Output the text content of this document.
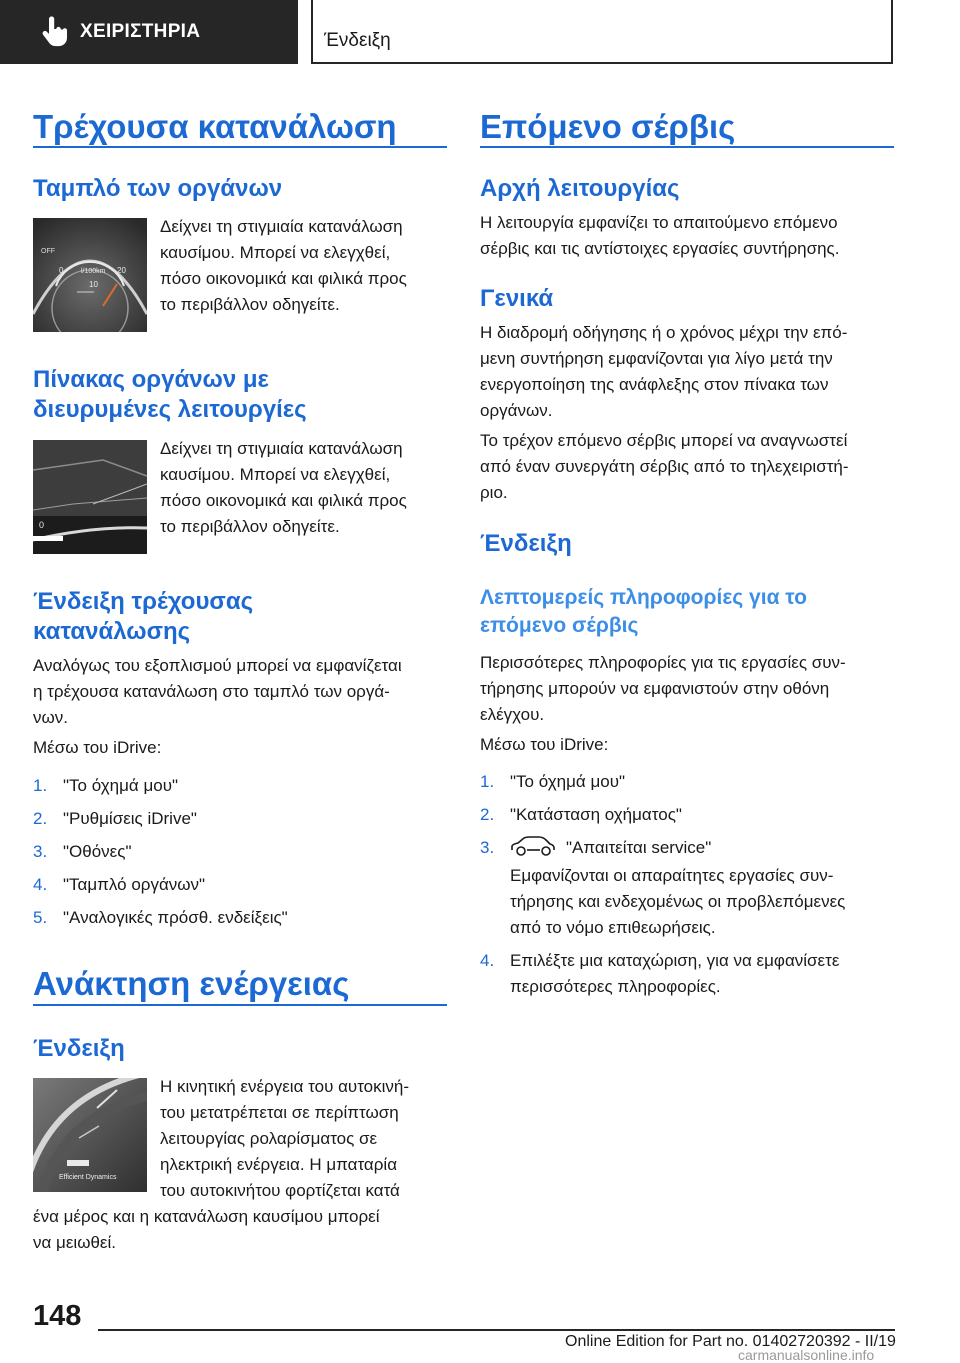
ΧΕΙΡΙΣΤΗΡΙΑ	Ένδειξη
Τρέχουσα κατανάλωση
Ταμπλό των οργάνων
OFF
l/100km
0
10
20
Δείχνει τη στιγμιαία κατανάλωση
καυσίμου. Μπορεί να ελεγχθεί,
πόσο οικονομικά και φιλικά προς
το περιβάλλον οδηγείτε.
Πίνακας οργάνων με
διευρυμένες λειτουργίες
0
Δείχνει τη στιγμιαία κατανάλωση
καυσίμου. Μπορεί να ελεγχθεί,
πόσο οικονομικά και φιλικά προς
το περιβάλλον οδηγείτε.
Ένδειξη τρέχουσας
κατανάλωσης
Αναλόγως του εξοπλισμού μπορεί να εμφανίζεται
η τρέχουσα κατανάλωση στο ταμπλό των οργά-
νων.
Μέσω του iDrive:
1. "Το όχημά μου"
2. "Ρυθμίσεις iDrive"
3. "Οθόνες"
4. "Ταμπλό οργάνων"
5. "Αναλογικές πρόσθ. ενδείξεις"
Ανάκτηση ενέργειας
Ένδειξη
Efficient Dynamics
Η κινητική ενέργεια του αυτοκινή-
του μετατρέπεται σε περίπτωση
λειτουργίας ρολαρίσματος σε
ηλεκτρική ενέργεια. Η μπαταρία
του αυτοκινήτου φορτίζεται κατά
ένα μέρος και η κατανάλωση καυσίμου μπορεί
να μειωθεί.
Επόμενο σέρβις
Αρχή λειτουργίας
Η λειτουργία εμφανίζει το απαιτούμενο επόμενο
σέρβις και τις αντίστοιχες εργασίες συντήρησης.
Γενικά
Η διαδρομή οδήγησης ή ο χρόνος μέχρι την επό-
μενη συντήρηση εμφανίζονται για λίγο μετά την
ενεργοποίηση της ανάφλεξης στον πίνακα των
οργάνων.
Το τρέχον επόμενο σέρβις μπορεί να αναγνωστεί
από έναν συνεργάτη σέρβις από το τηλεχειριστή-
ριο.
Ένδειξη
Λεπτομερείς πληροφορίες για το
επόμενο σέρβις
Περισσότερες πληροφορίες για τις εργασίες συν-
τήρησης μπορούν να εμφανιστούν στην οθόνη
ελέγχου.
Μέσω του iDrive:
1. "Το όχημά μου"
2. "Κατάσταση οχήματος"
3.	"Απαιτείται service"
Εμφανίζονται οι απαραίτητες εργασίες συν-
τήρησης και ενδεχομένως οι προβλεπόμενες
από το νόμο επιθεωρήσεις.
4. Επιλέξτε μια καταχώριση, για να εμφανίσετε
περισσότερες πληροφορίες.
148
Online Edition for Part no. 01402720392 - II/19
carmanualsonline.info
